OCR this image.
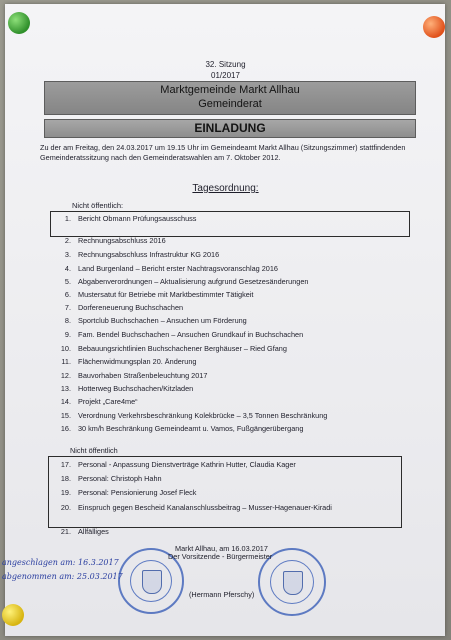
32. Sitzung
01/2017
Marktgemeinde Markt Allhau
Gemeinderat
EINLADUNG
Zu der am Freitag, den 24.03.2017 um 19.15 Uhr im Gemeindeamt Markt Allhau (Sitzungszimmer) stattfindenden Gemeinderatssitzung nach den Gemeinderatswahlen am 7. Oktober 2012.
Tagesordnung:
Nicht öffentlich:
1. Bericht Obmann Prüfungsausschuss
2. Rechnungsabschluss 2016
3. Rechnungsabschluss Infrastruktur KG 2016
4. Land Burgenland – Bericht erster Nachtragsvoranschlag 2016
5. Abgabenverordnungen – Aktualisierung aufgrund Gesetzesänderungen
6. Mustersatut für Betriebe mit Marktbestimmter Tätigkeit
7. Dorfereneuerung Buchschachen
8. Sportclub Buchschachen – Ansuchen um Förderung
9. Fam. Bendel Buchschachen – Ansuchen Grundkauf in Buchschachen
10. Bebauungsrichtlinien Buchschachener Berghäuser – Ried Gfang
11. Flächenwidmungsplan 20. Änderung
12. Bauvorhaben Straßenbeleuchtung 2017
13. Hotterweg Buchschachen/Kitzladen
14. Projekt „Care4me“
15. Verordnung Verkehrsbeschränkung Kolekbrücke – 3,5 Tonnen Beschränkung
16. 30 km/h Beschränkung Gemeindeamt u. Vamos, Fußgängerübergang
Nicht öffentlich
17. Personal - Anpassung Dienstverträge Kathrin Hutter, Claudia Kager
18. Personal: Christoph Hahn
19. Personal: Pensionierung Josef Fleck
20. Einspruch gegen Bescheid Kanalanschlussbeitrag – Musser-Hagenauer-Kiradi
21. Allfälliges
Markt Allhau, am 16.03.2017
Der Vorsitzende - Bürgermeister
(Hermann Pferschy)
angeschlagen am: 16.3.2017
abgenommen am: 25.03.2017
